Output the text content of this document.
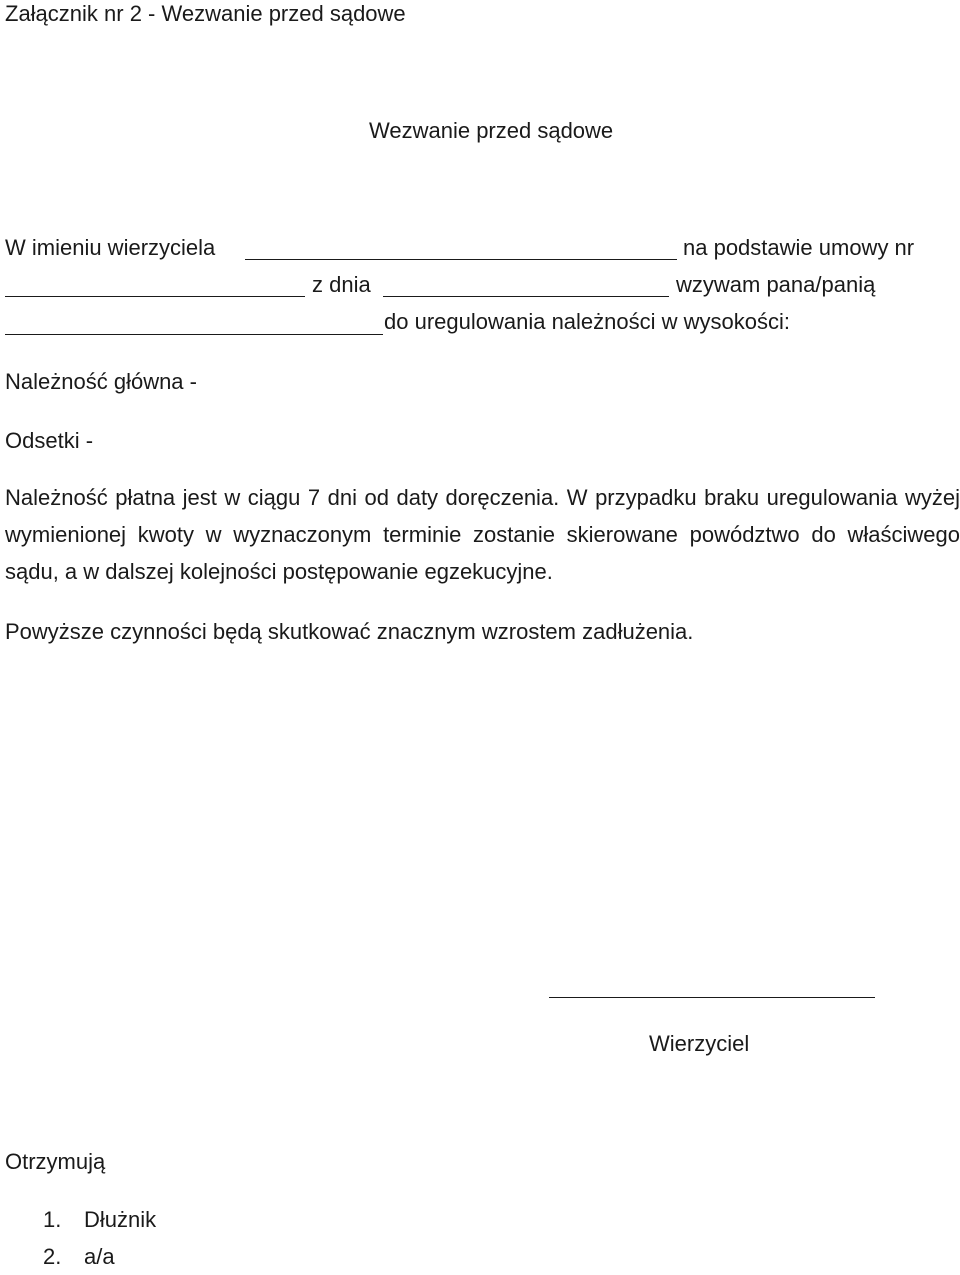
Załącznik nr 2 - Wezwanie przed sądowe
Wezwanie przed sądowe
W imieniu wierzyciela	na podstawie umowy nr
z dnia	wzywam pana/panią
do uregulowania należności w wysokości:
Należność główna -
Odsetki -
Należność płatna jest w ciągu 7 dni od daty doręczenia. W przypadku braku uregulowania wyżej wymienionej kwoty w wyznaczonym terminie zostanie skierowane powództwo do właściwego sądu, a w dalszej kolejności postępowanie egzekucyjne.
Powyższe czynności będą skutkować znacznym wzrostem zadłużenia.
Wierzyciel
Otrzymują
1. Dłużnik
2. a/a
